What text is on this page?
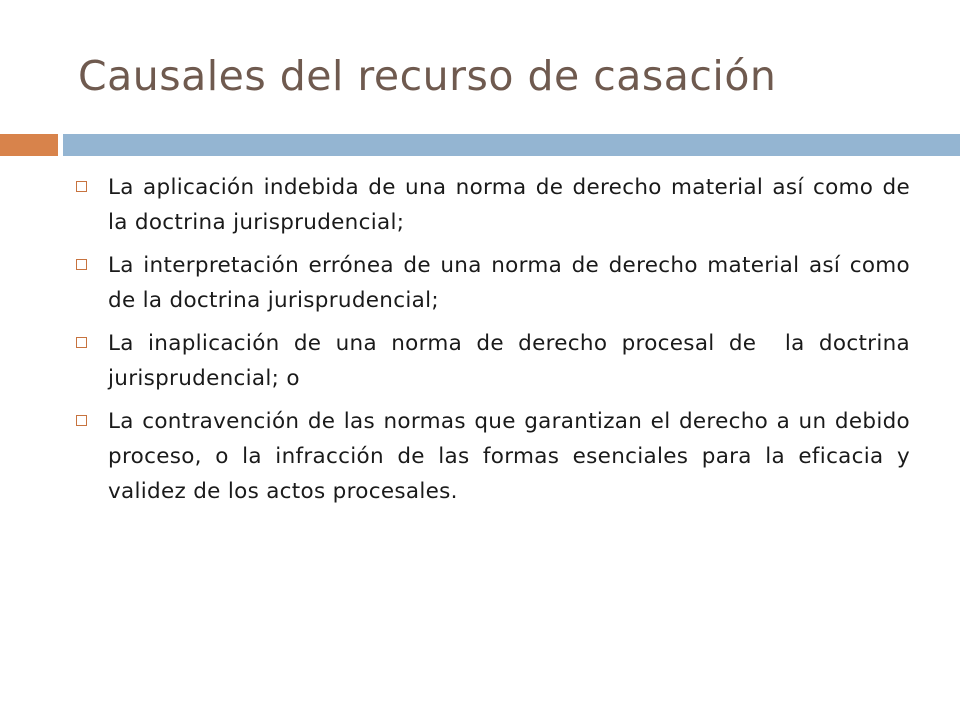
Causales del recurso de casación
La aplicación indebida de una norma de derecho material así como de la doctrina jurisprudencial;
La interpretación errónea de una norma de derecho material así como de la doctrina jurisprudencial;
La inaplicación de una norma de derecho procesal de  la doctrina jurisprudencial; o
La contravención de las normas que garantizan el derecho a un debido proceso, o la infracción de las formas esenciales para la eficacia y validez de los actos procesales.
